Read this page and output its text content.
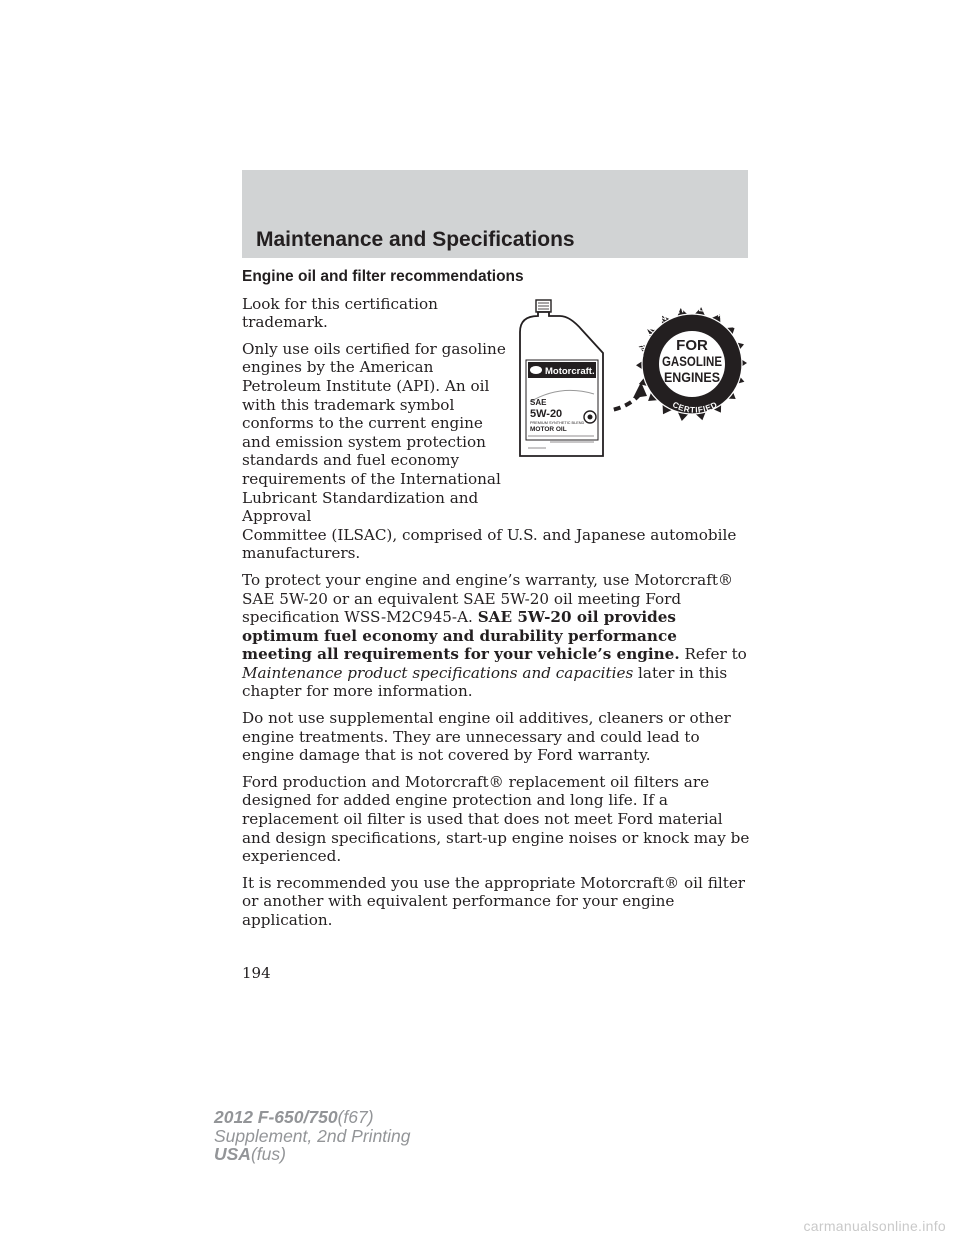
Maintenance and Specifications
Engine oil and filter recommendations

Look for this certification trademark.

Only use oils certified for gasoline engines by the American Petroleum Institute (API). An oil with this trademark symbol conforms to the current engine and emission system protection standards and fuel economy requirements of the International Lubricant Standardization and Approval
Committee (ILSAC), comprised of U.S. and Japanese automobile manufacturers.

To protect your engine and engine’s warranty, use Motorcraft® SAE 5W-20 or an equivalent SAE 5W-20 oil meeting Ford specification WSS-M2C945-A. SAE 5W-20 oil provides optimum fuel economy and durability performance meeting all requirements for your vehicle’s engine. Refer to Maintenance product specifications and capacities later in this chapter for more information.

Do not use supplemental engine oil additives, cleaners or other engine treatments. They are unnecessary and could lead to engine damage that is not covered by Ford warranty.

Ford production and Motorcraft® replacement oil filters are designed for added engine protection and long life. If a replacement oil filter is used that does not meet Ford material and design specifications, start-up engine noises or knock may be experienced.

It is recommended you use the appropriate Motorcraft® oil filter or another with equivalent performance for your engine application.

Motorcraft.
SAE
5W-20
PREMIUM SYNTHETIC BLEND
MOTOR OIL
AMERICAN PETROLEUM INSTITU
CERTIFIED
FOR
GASOLINE
ENGINES
194
2012 F-650/750(f67)
Supplement, 2nd Printing
USA(fus)
carmanualsonline.info
